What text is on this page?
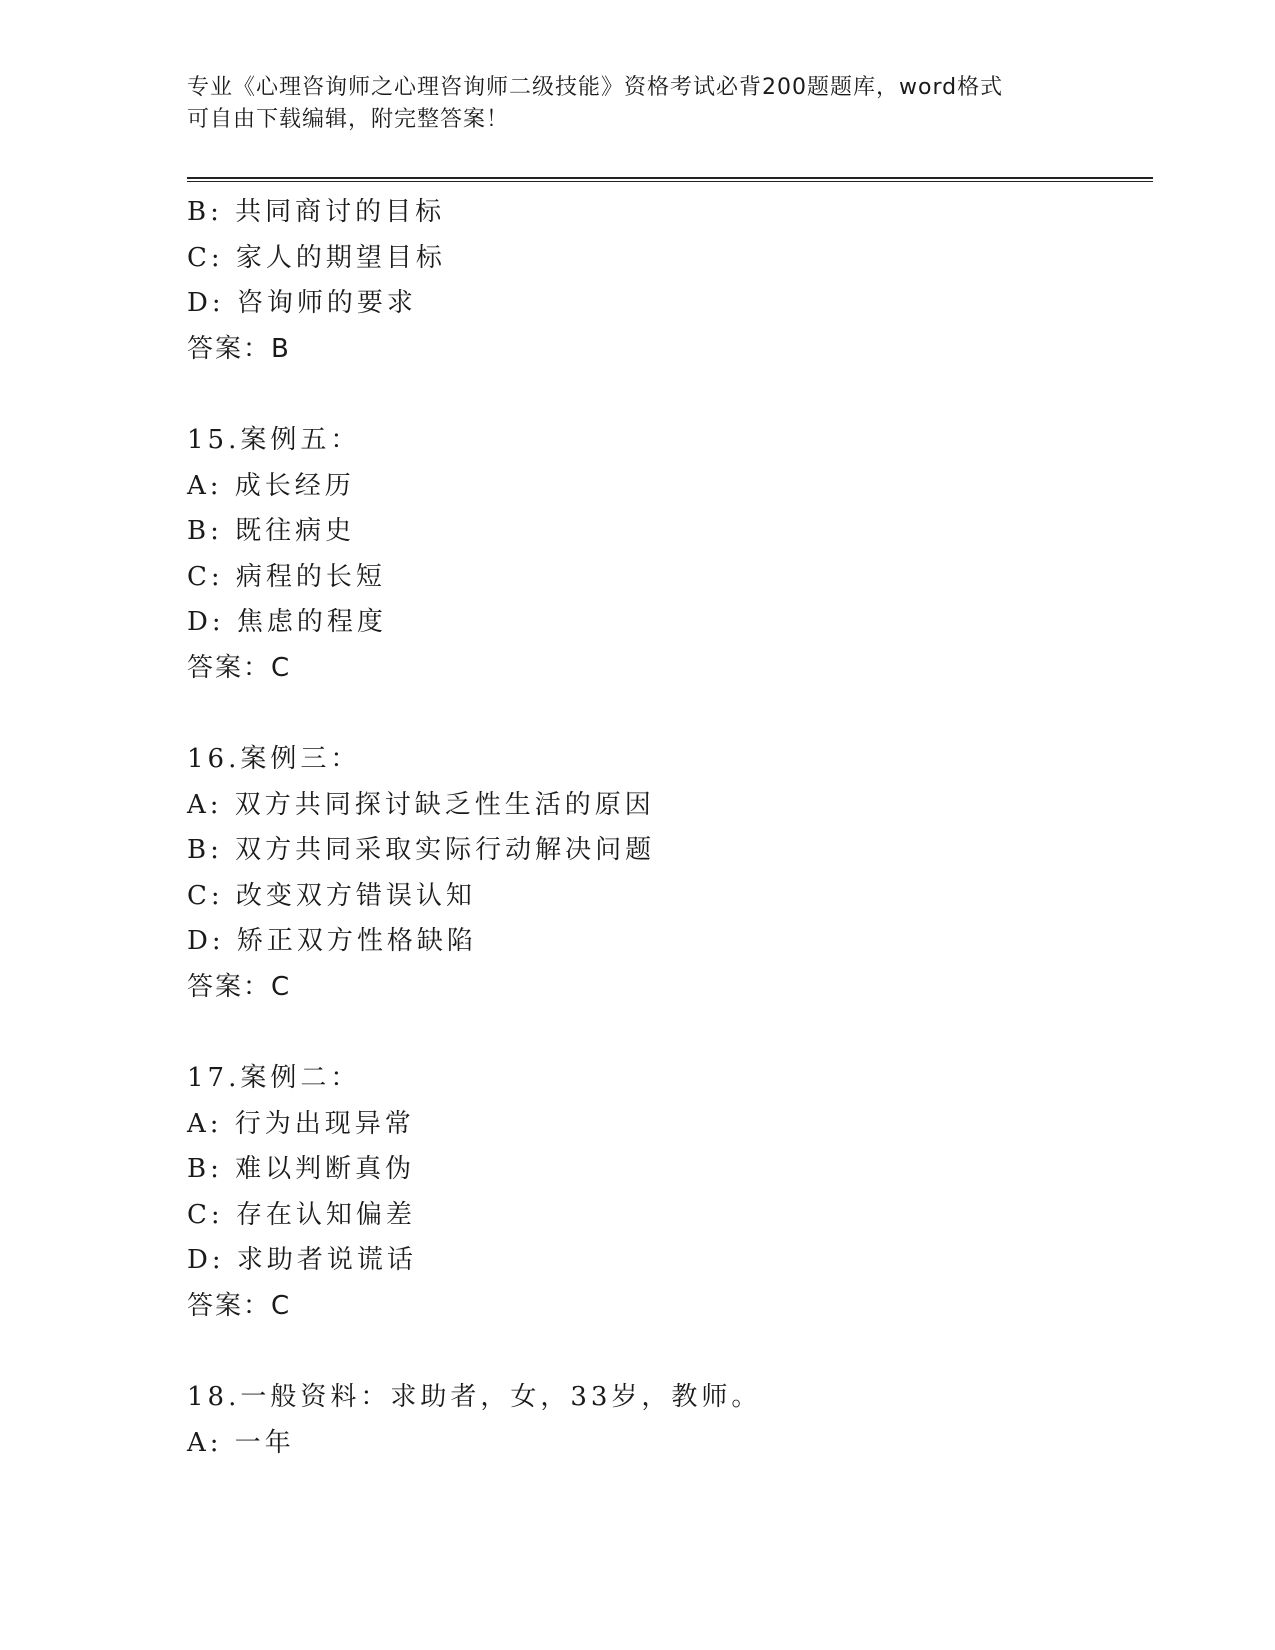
专业《心理咨询师之心理咨询师二级技能》资格考试必背200题题库，word格式
可自由下载编辑，附完整答案！
B: 共同商讨的目标
C: 家人的期望目标
D: 咨询师的要求
答案：B
15.案例五：
A: 成长经历
B: 既往病史
C: 病程的长短
D: 焦虑的程度
答案：C
16.案例三：
A: 双方共同探讨缺乏性生活的原因
B: 双方共同采取实际行动解决问题
C: 改变双方错误认知
D: 矫正双方性格缺陷
答案：C
17.案例二：
A: 行为出现异常
B: 难以判断真伪
C: 存在认知偏差
D: 求助者说谎话
答案：C
18.一般资料：求助者，女，33岁，教师。
A: 一年
